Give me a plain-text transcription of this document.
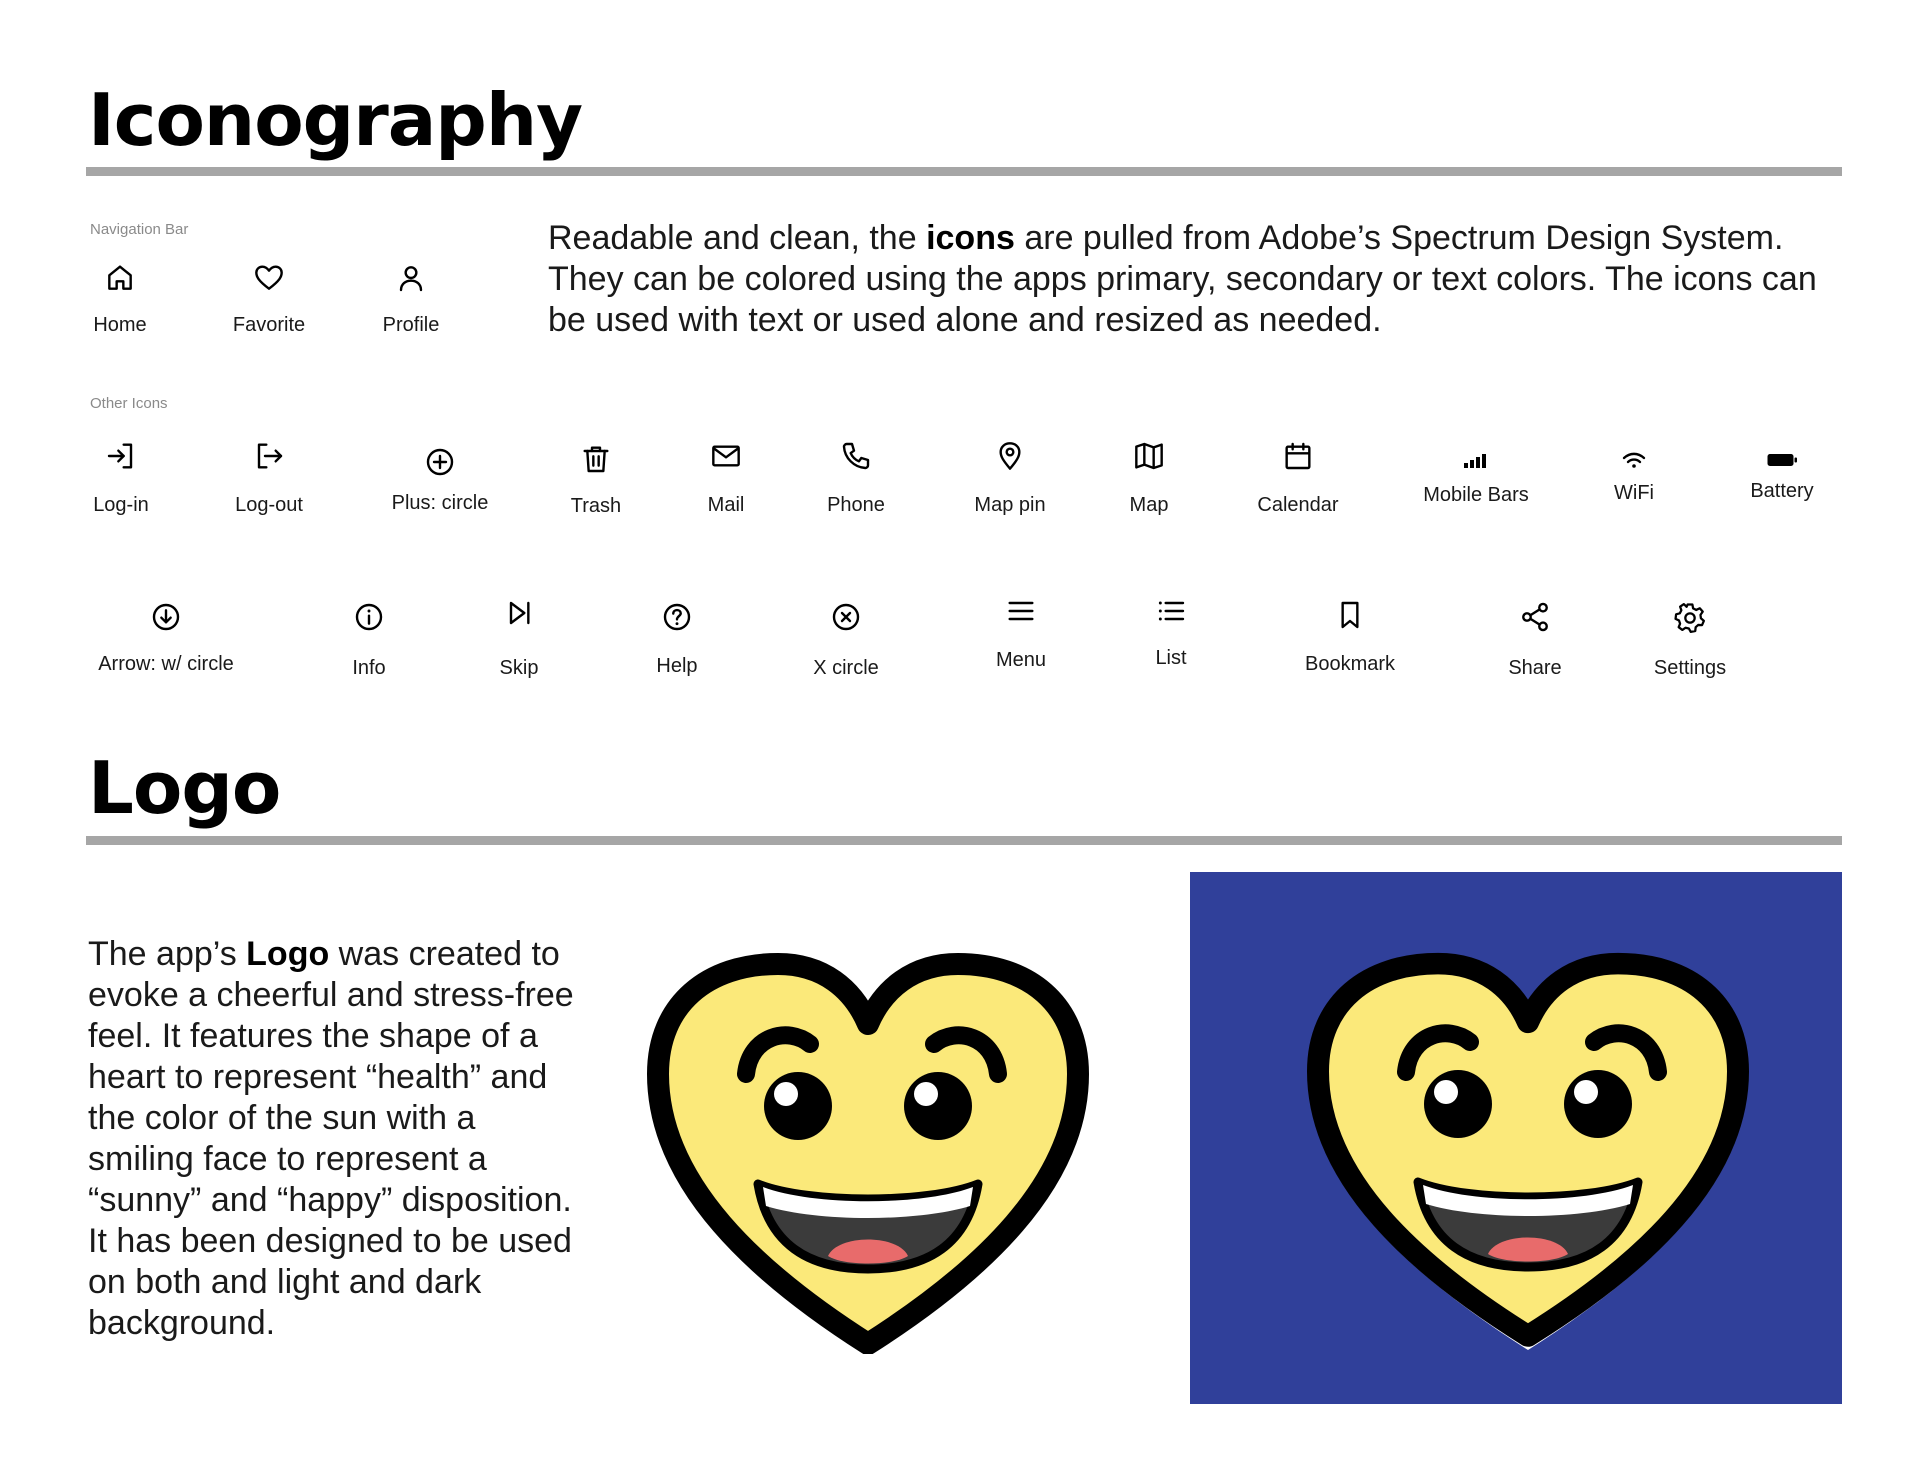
Iconography
Navigation Bar
Home	Favorite	Profile
Readable and clean, the icons are pulled from Adobe’s Spectrum Design System. They can be colored using the apps primary, secondary or text colors. The icons can be used with text or used alone and resized as needed.
Other Icons
Log-in	Log-out	Plus: circle	Trash	Mail	Phone	Map pin	Map	Calendar	Mobile Bars	WiFi	Battery
Arrow: w/ circle	Info	Skip	Help	X circle	Menu	List	Bookmark	Share	Settings
Logo
The app’s Logo was created to evoke a cheerful and stress-free feel. It features the shape of a heart to represent “health” and the color of the sun with a smiling face to represent a “sunny” and “happy” disposition. It has been designed to be used on both and light and dark background.
